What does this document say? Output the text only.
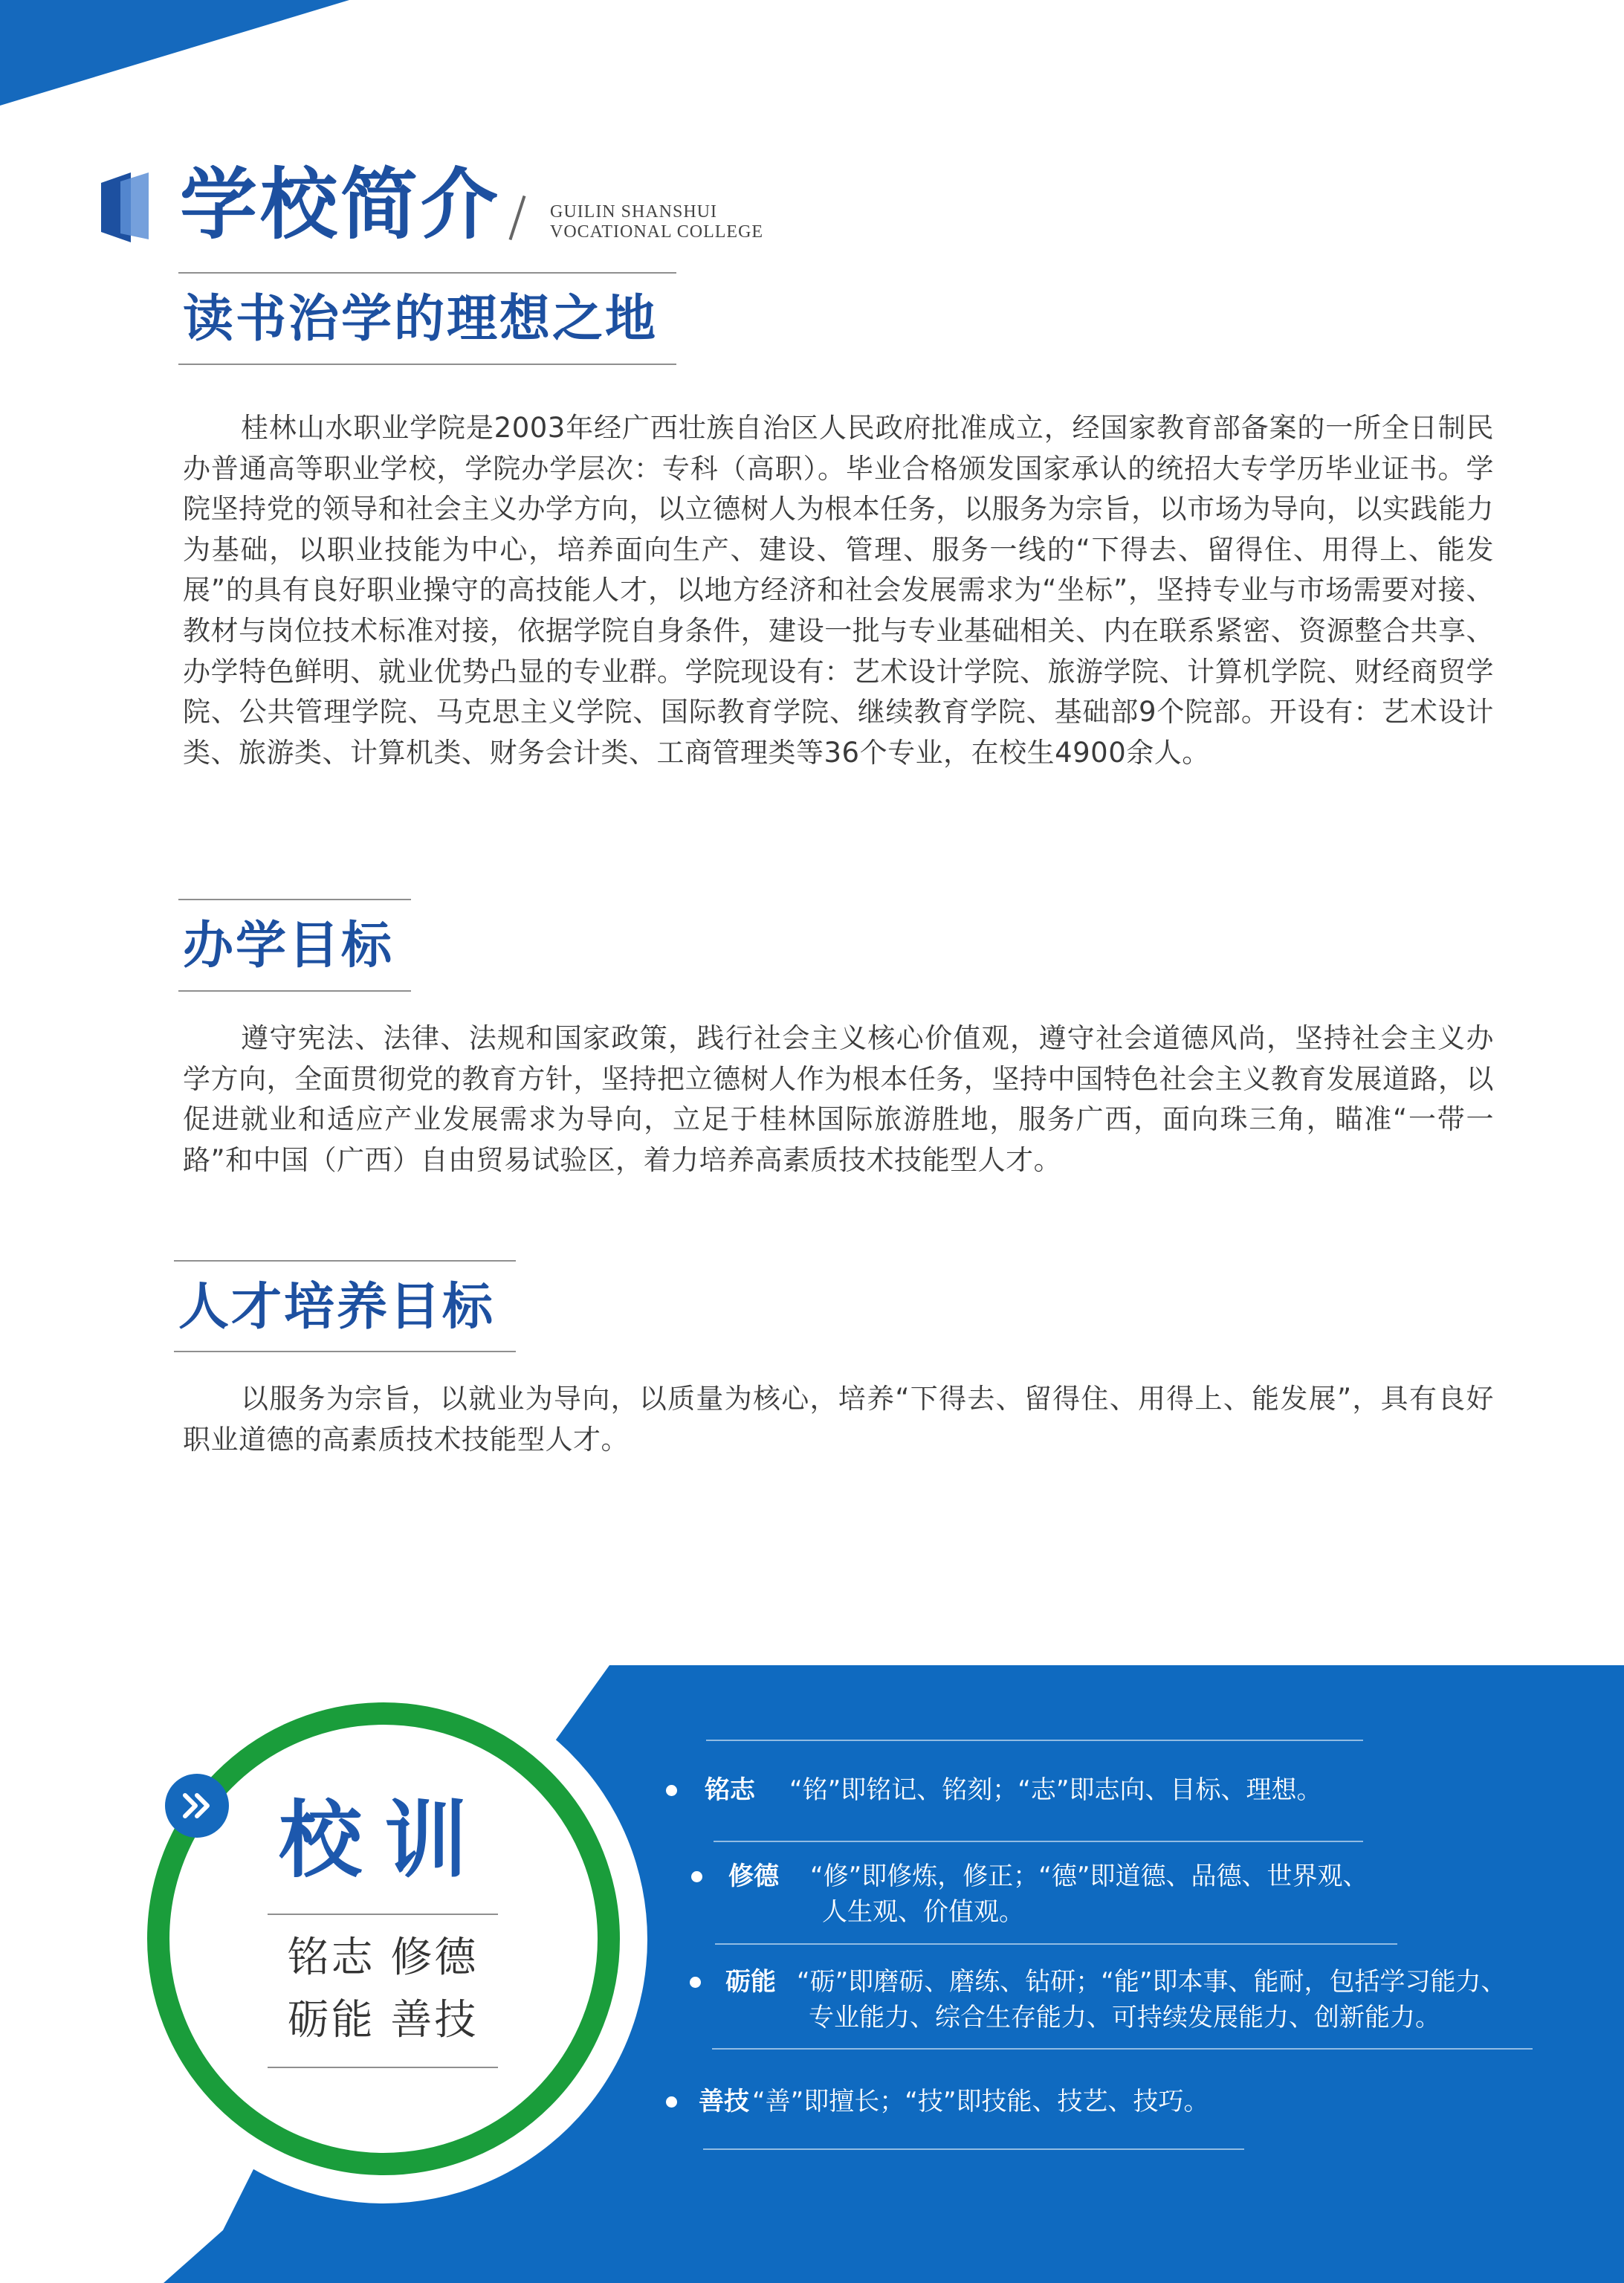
学校简介	GUILIN SHANSHUI
VOCATIONAL COLLEGE
读书治学的理想之地

桂林山水职业学院是2003年经广西壮族自治区人民政府批准成立，经国家教育部备案的一所全日制民办普通高等职业学校，学院办学层次：专科（高职）。毕业合格颁发国家承认的统招大专学历毕业证书。学院坚持党的领导和社会主义办学方向，以立德树人为根本任务，以服务为宗旨，以市场为导向，以实践能力为基础，以职业技能为中心，培养面向生产、建设、管理、服务一线的“下得去、留得住、用得上、能发展”的具有良好职业操守的高技能人才，以地方经济和社会发展需求为“坐标”，坚持专业与市场需要对接、教材与岗位技术标准对接，依据学院自身条件，建设一批与专业基础相关、内在联系紧密、资源整合共享、办学特色鲜明、就业优势凸显的专业群。学院现设有：艺术设计学院、旅游学院、计算机学院、财经商贸学院、公共管理学院、马克思主义学院、国际教育学院、继续教育学院、基础部9个院部。开设有：艺术设计类、旅游类、计算机类、财务会计类、工商管理类等36个专业，在校生4900余人。

办学目标

遵守宪法、法律、法规和国家政策，践行社会主义核心价值观，遵守社会道德风尚，坚持社会主义办学方向，全面贯彻党的教育方针，坚持把立德树人作为根本任务，坚持中国特色社会主义教育发展道路，以促进就业和适应产业发展需求为导向，立足于桂林国际旅游胜地，服务广西，面向珠三角，瞄准“一带一路”和中国（广西）自由贸易试验区，着力培养高素质技术技能型人才。

人才培养目标

以服务为宗旨，以就业为导向，以质量为核心，培养“下得去、留得住、用得上、能发展”，具有良好职业道德的高素质技术技能型人才。

校训
铭志 修德
砺能 善技
铭志 “铭”即铭记、铭刻；“志”即志向、目标、理想。
修德 “修”即修炼，修正；“德”即道德、品德、世界观、
人生观、价值观。
砺能 “砺”即磨砺、磨练、钻研；“能”即本事、能耐，包括学习能力、
专业能力、综合生存能力、可持续发展能力、创新能力。
善技 “善”即擅长；“技”即技能、技艺、技巧。
